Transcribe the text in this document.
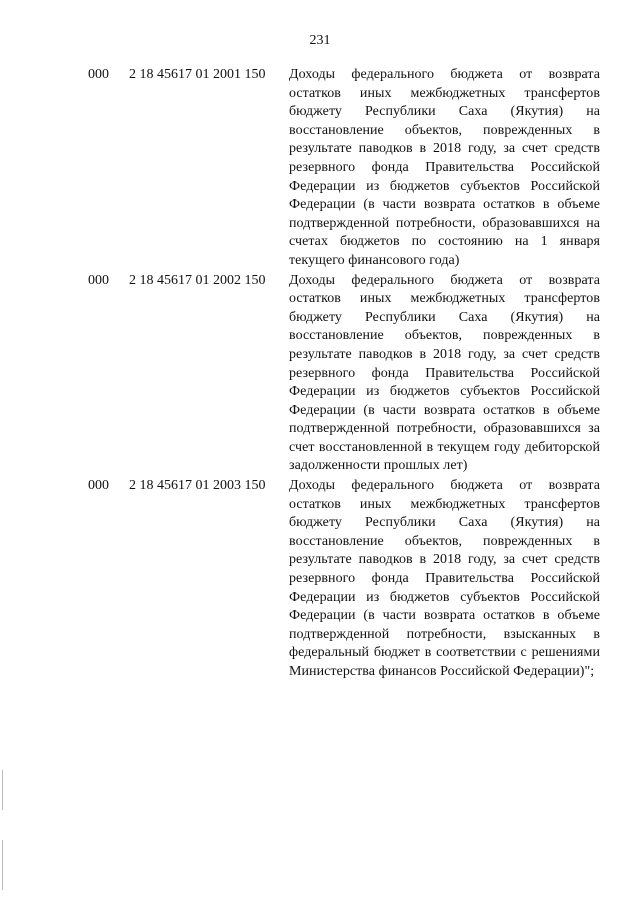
231
000 2 18 45617 01 2001 150 Доходы федерального бюджета от возврата остатков иных межбюджетных трансфертов бюджету Республики Саха (Якутия) на восстановление объектов, поврежденных в результате паводков в 2018 году, за счет средств резервного фонда Правительства Российской Федерации из бюджетов субъектов Российской Федерации (в части возврата остатков в объеме подтвержденной потребности, образовавшихся на счетах бюджетов по состоянию на 1 января текущего финансового года)
000 2 18 45617 01 2002 150 Доходы федерального бюджета от возврата остатков иных межбюджетных трансфертов бюджету Республики Саха (Якутия) на восстановление объектов, поврежденных в результате паводков в 2018 году, за счет средств резервного фонда Правительства Российской Федерации из бюджетов субъектов Российской Федерации (в части возврата остатков в объеме подтвержденной потребности, образовавшихся за счет восстановленной в текущем году дебиторской задолженности прошлых лет)
000 2 18 45617 01 2003 150 Доходы федерального бюджета от возврата остатков иных межбюджетных трансфертов бюджету Республики Саха (Якутия) на восстановление объектов, поврежденных в результате паводков в 2018 году, за счет средств резервного фонда Правительства Российской Федерации из бюджетов субъектов Российской Федерации (в части возврата остатков в объеме подтвержденной потребности, взысканных в федеральный бюджет в соответствии с решениями Министерства финансов Российской Федерации)";
